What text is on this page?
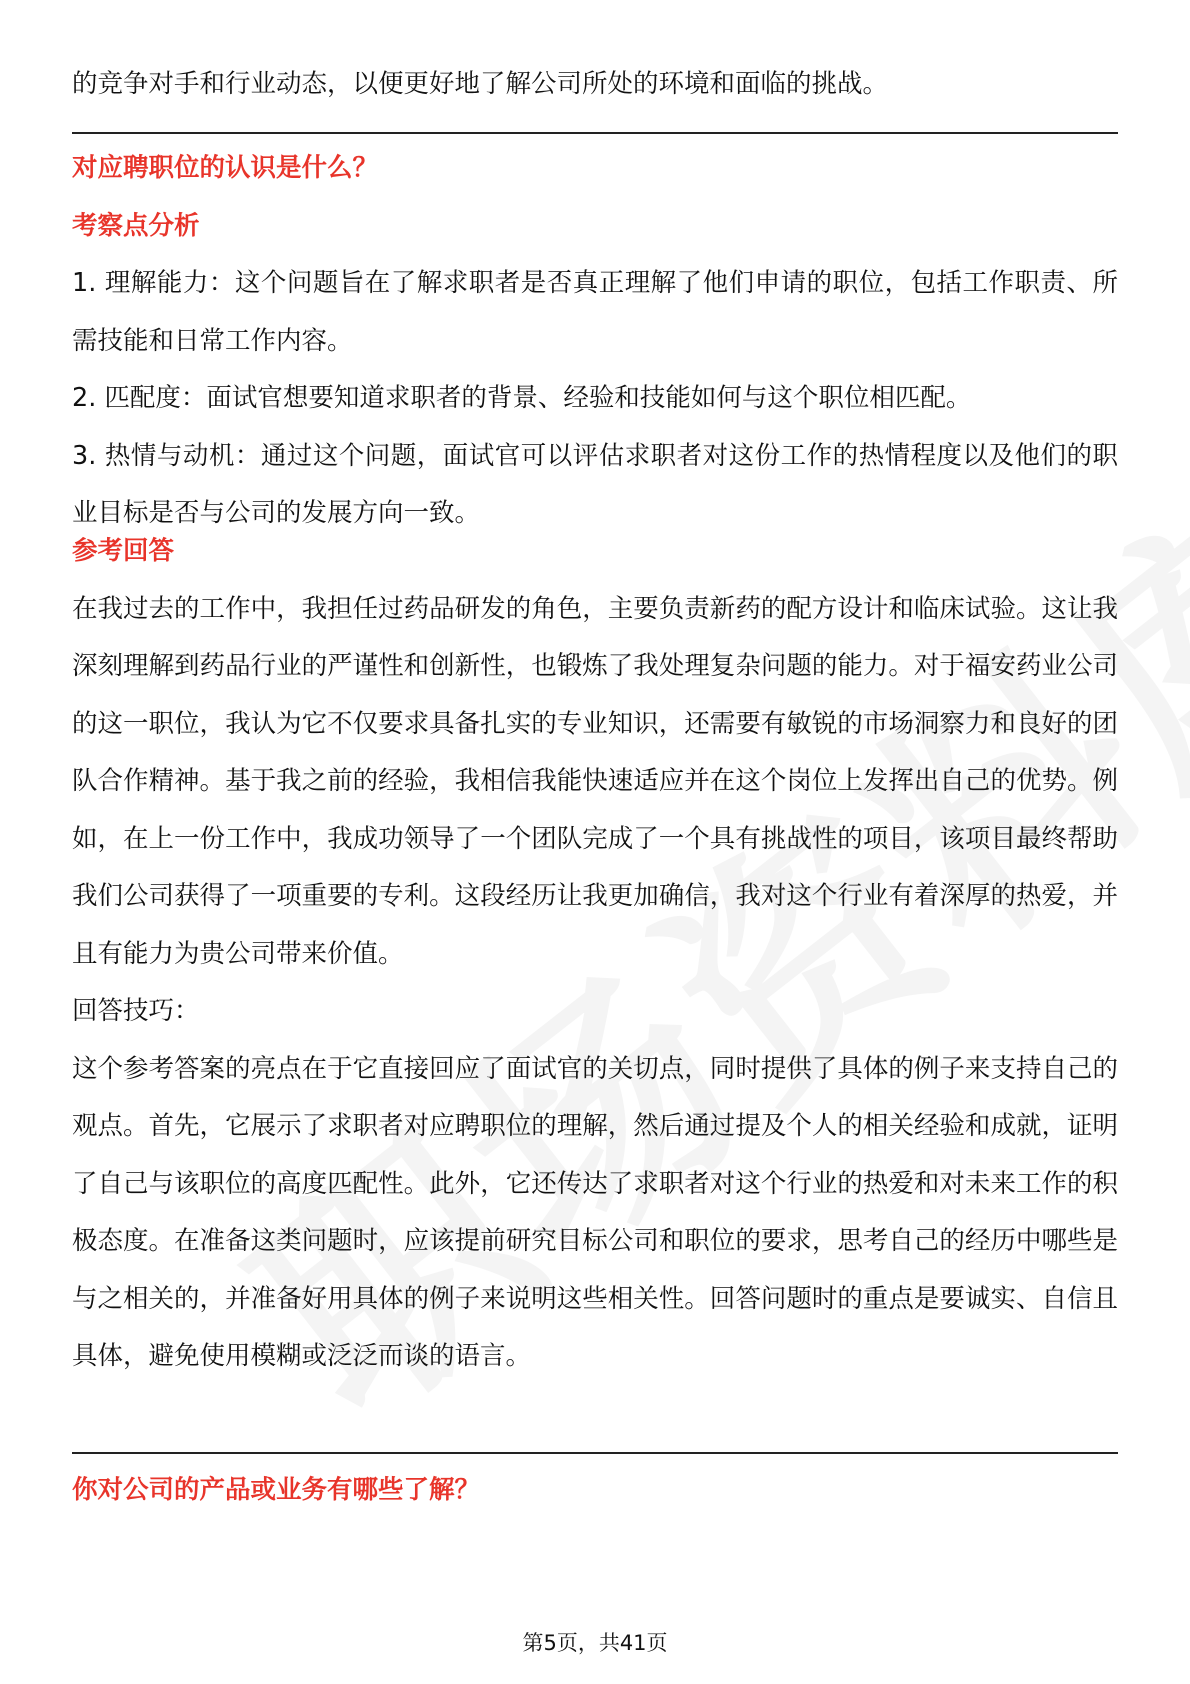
的竞争对手和行业动态，以便更好地了解公司所处的环境和面临的挑战。

对应聘职位的认识是什么？

考察点分析

1. 理解能力：这个问题旨在了解求职者是否真正理解了他们申请的职位，包括工作职责、所需技能和日常工作内容。

2. 匹配度：面试官想要知道求职者的背景、经验和技能如何与这个职位相匹配。

3. 热情与动机：通过这个问题，面试官可以评估求职者对这份工作的热情程度以及他们的职业目标是否与公司的发展方向一致。

参考回答

在我过去的工作中，我担任过药品研发的角色，主要负责新药的配方设计和临床试验。这让我深刻理解到药品行业的严谨性和创新性，也锻炼了我处理复杂问题的能力。对于福安药业公司的这一职位，我认为它不仅要求具备扎实的专业知识，还需要有敏锐的市场洞察力和良好的团队合作精神。基于我之前的经验，我相信我能快速适应并在这个岗位上发挥出自己的优势。例如，在上一份工作中，我成功领导了一个团队完成了一个具有挑战性的项目，该项目最终帮助我们公司获得了一项重要的专利。这段经历让我更加确信，我对这个行业有着深厚的热爱，并且有能力为贵公司带来价值。

回答技巧：

这个参考答案的亮点在于它直接回应了面试官的关切点，同时提供了具体的例子来支持自己的观点。首先，它展示了求职者对应聘职位的理解，然后通过提及个人的相关经验和成就，证明了自己与该职位的高度匹配性。此外，它还传达了求职者对这个行业的热爱和对未来工作的积极态度。在准备这类问题时，应该提前研究目标公司和职位的要求，思考自己的经历中哪些是与之相关的，并准备好用具体的例子来说明这些相关性。回答问题时的重点是要诚实、自信且具体，避免使用模糊或泛泛而谈的语言。

你对公司的产品或业务有哪些了解？

第5页，共41页
